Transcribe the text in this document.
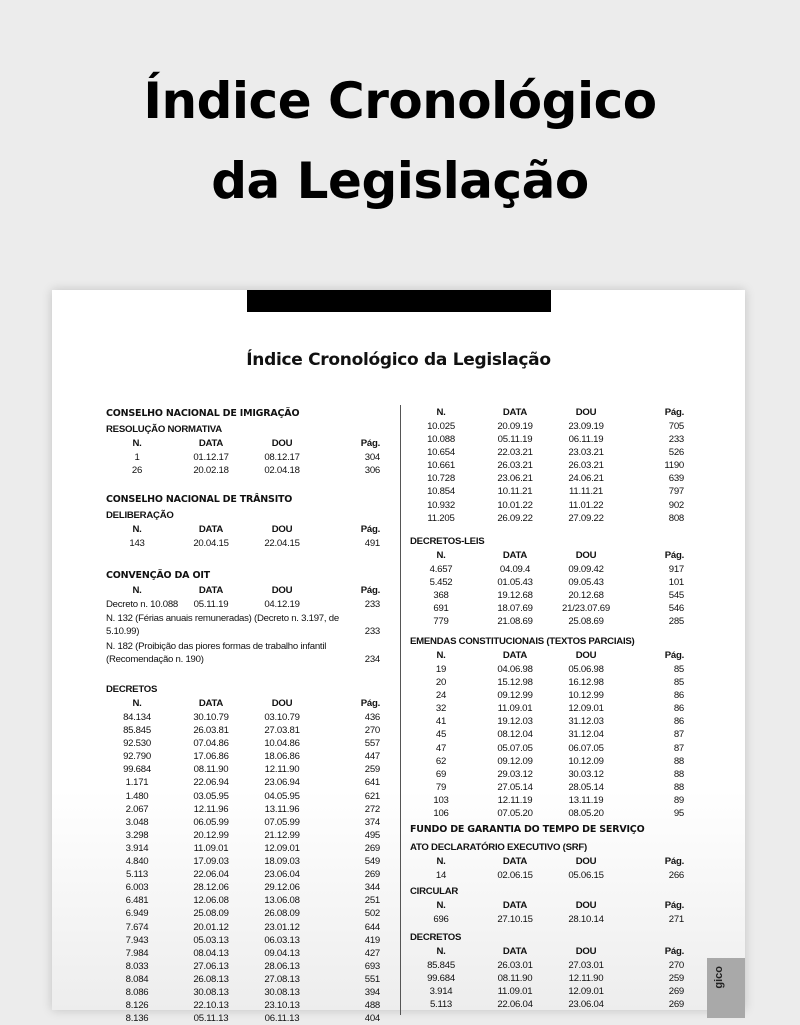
Índice Cronológico
da Legislação
Índice Cronológico da Legislação
CONSELHO NACIONAL DE IMIGRAÇÃO
RESOLUÇÃO NORMATIVA
N.	DATA	DOU	Pág.
1	01.12.17	08.12.17	304
26	20.02.18	02.04.18	306
CONSELHO NACIONAL DE TRÂNSITO
DELIBERAÇÃO
N.	DATA	DOU	Pág.
143	20.04.15	22.04.15	491
CONVENÇÃO DA OIT
N.	DATA	DOU	Pág.
Decreto n. 10.088	05.11.19	04.12.19	233
N. 132 (Férias anuais remuneradas) (Decreto n. 3.197, de 5.10.99)	233
N. 182 (Proibição das piores formas de trabalho infantil
(Recomendação n. 190)	234
DECRETOS
N.	DATA	DOU	Pág.
84.134	30.10.79	03.10.79	436
85.845	26.03.81	27.03.81	270
92.530	07.04.86	10.04.86	557
92.790	17.06.86	18.06.86	447
99.684	08.11.90	12.11.90	259
1.171	22.06.94	23.06.94	641
1.480	03.05.95	04.05.95	621
2.067	12.11.96	13.11.96	272
3.048	06.05.99	07.05.99	374
3.298	20.12.99	21.12.99	495
3.914	11.09.01	12.09.01	269
4.840	17.09.03	18.09.03	549
5.113	22.06.04	23.06.04	269
6.003	28.12.06	29.12.06	344
6.481	12.06.08	13.06.08	251
6.949	25.08.09	26.08.09	502
7.674	20.01.12	23.01.12	644
7.943	05.03.13	06.03.13	419
7.984	08.04.13	09.04.13	427
8.033	27.06.13	28.06.13	693
8.084	26.08.13	27.08.13	551
8.086	30.08.13	30.08.13	394
8.126	22.10.13	23.10.13	488
8.136	05.11.13	06.11.13	404
N.	DATA	DOU	Pág.
10.025	20.09.19	23.09.19	705
10.088	05.11.19	06.11.19	233
10.654	22.03.21	23.03.21	526
10.661	26.03.21	26.03.21	1190
10.728	23.06.21	24.06.21	639
10.854	10.11.21	11.11.21	797
10.932	10.01.22	11.01.22	902
11.205	26.09.22	27.09.22	808
DECRETOS-LEIS
N.	DATA	DOU	Pág.
4.657	04.09.4	09.09.42	917
5.452	01.05.43	09.05.43	101
368	19.12.68	20.12.68	545
691	18.07.69	21/23.07.69	546
779	21.08.69	25.08.69	285
EMENDAS CONSTITUCIONAIS (TEXTOS PARCIAIS)
N.	DATA	DOU	Pág.
19	04.06.98	05.06.98	85
20	15.12.98	16.12.98	85
24	09.12.99	10.12.99	86
32	11.09.01	12.09.01	86
41	19.12.03	31.12.03	86
45	08.12.04	31.12.04	87
47	05.07.05	06.07.05	87
62	09.12.09	10.12.09	88
69	29.03.12	30.03.12	88
79	27.05.14	28.05.14	88
103	12.11.19	13.11.19	89
106	07.05.20	08.05.20	95
FUNDO DE GARANTIA DO TEMPO DE SERVIÇO
ATO DECLARATÓRIO EXECUTIVO (SRF)
N.	DATA	DOU	Pág.
14	02.06.15	05.06.15	266
CIRCULAR
N.	DATA	DOU	Pág.
696	27.10.15	28.10.14	271
DECRETOS
N.	DATA	DOU	Pág.
85.845	26.03.01	27.03.01	270
99.684	08.11.90	12.11.90	259
3.914	11.09.01	12.09.01	269
5.113	22.06.04	23.06.04	269
gico
